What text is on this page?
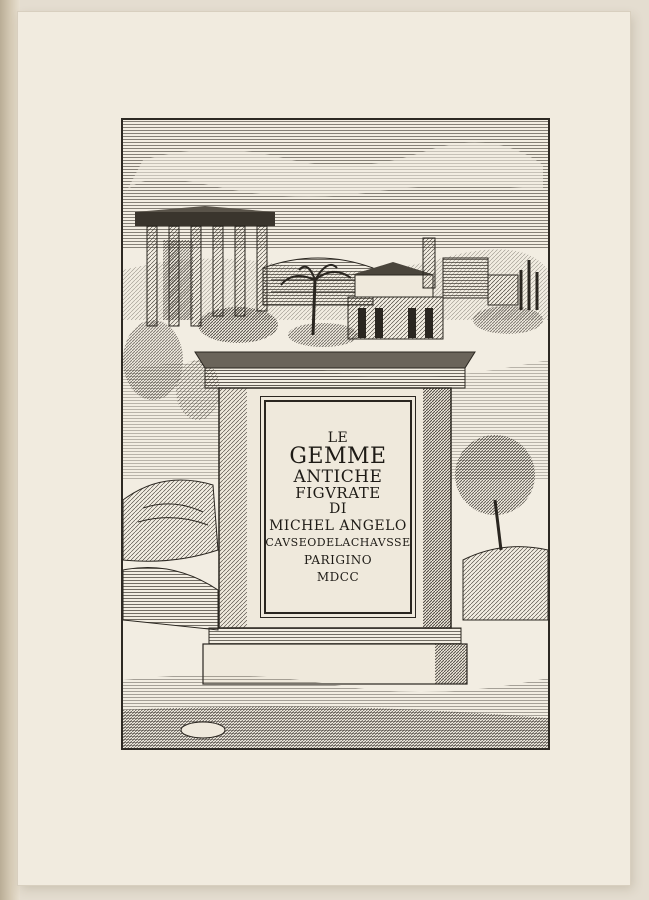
LE
GEMME
ANTICHE
FIGVRATE
DI
MICHEL ANGELO
CAVSEODELACHAVSSE
PARIGINO
MDCC
